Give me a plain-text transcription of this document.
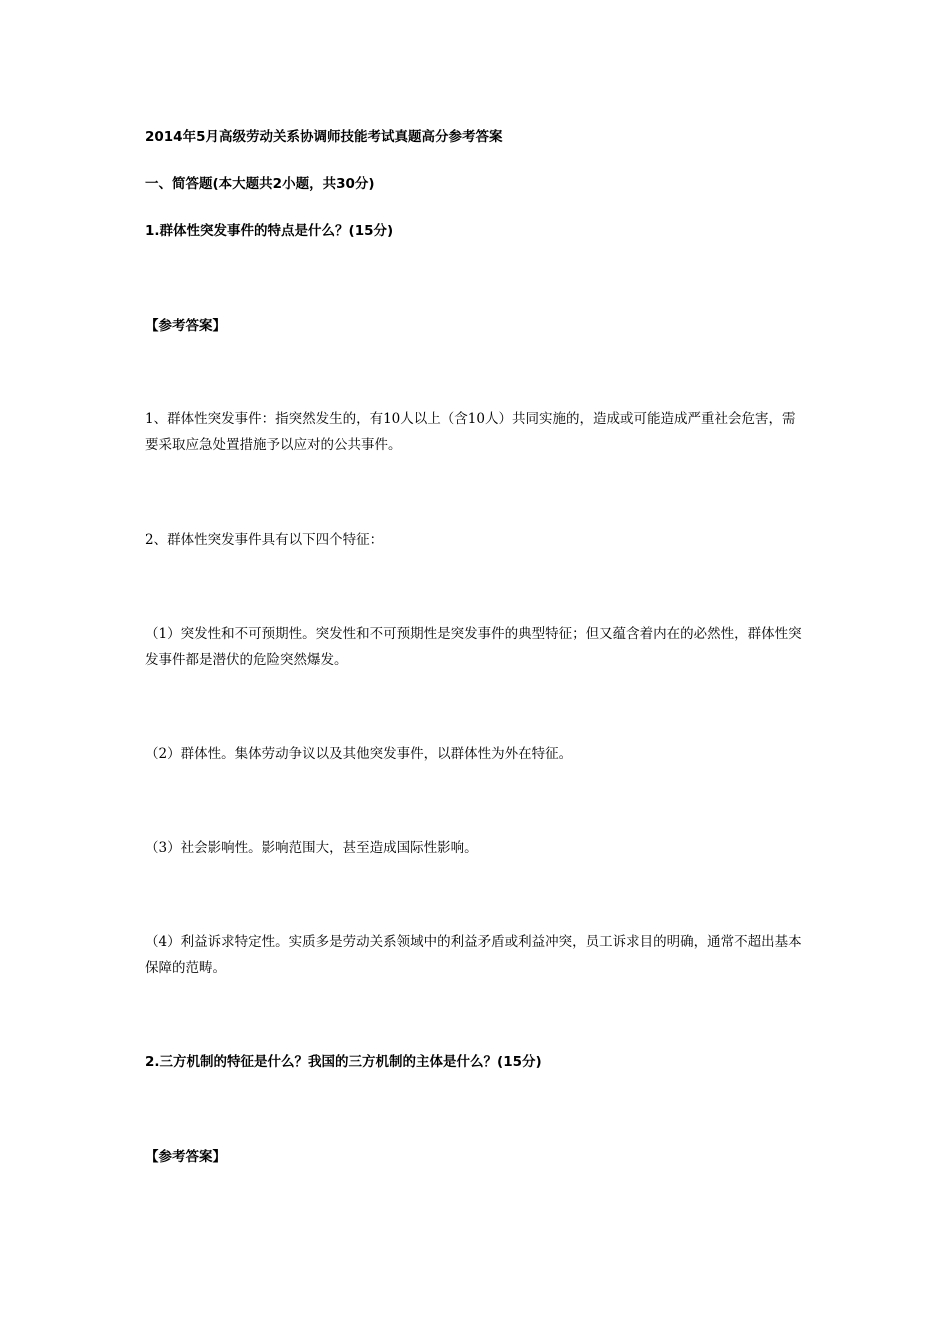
2014年5月高级劳动关系协调师技能考试真题高分参考答案

一、简答题(本大题共2小题，共30分)

1.群体性突发事件的特点是什么？(15分)

【参考答案】

1、群体性突发事件：指突然发生的，有10人以上（含10人）共同实施的，造成或可能造成严重社会危害，需要采取应急处置措施予以应对的公共事件。

2、群体性突发事件具有以下四个特征：

（1）突发性和不可预期性。突发性和不可预期性是突发事件的典型特征；但又蕴含着内在的必然性，群体性突发事件都是潜伏的危险突然爆发。

（2）群体性。集体劳动争议以及其他突发事件，以群体性为外在特征。

（3）社会影响性。影响范围大，甚至造成国际性影响。

（4）利益诉求特定性。实质多是劳动关系领域中的利益矛盾或利益冲突，员工诉求目的明确，通常不超出基本保障的范畴。

2.三方机制的特征是什么？我国的三方机制的主体是什么？(15分)

【参考答案】
